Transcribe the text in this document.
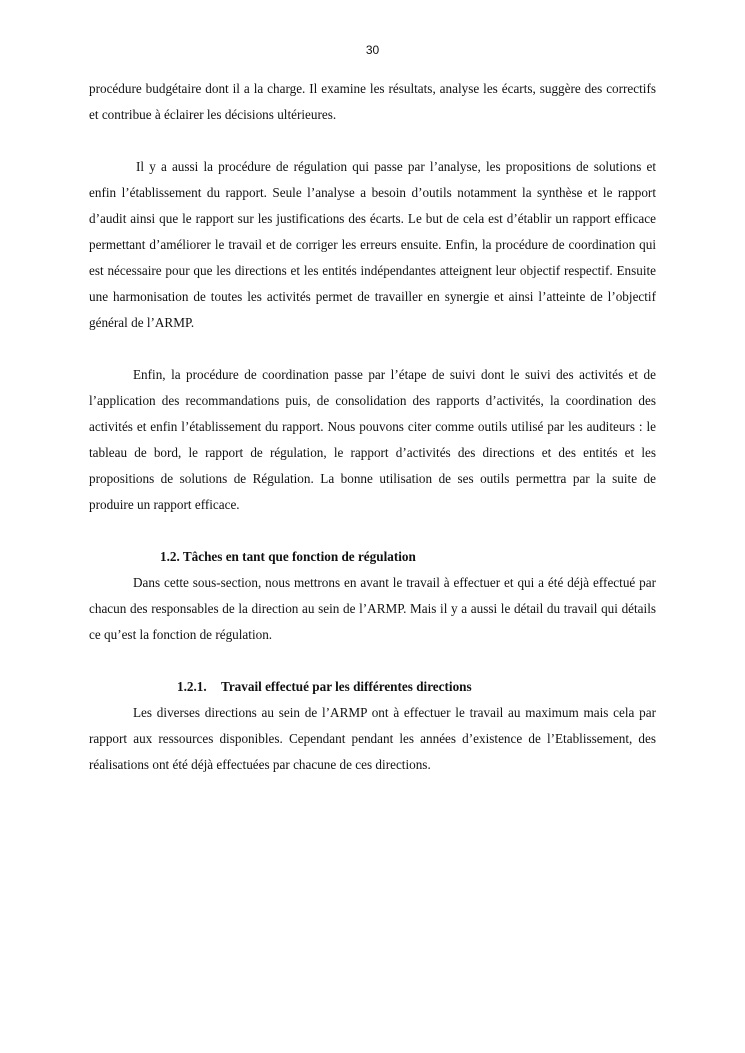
30

procédure budgétaire dont il a la charge. Il examine les résultats, analyse les écarts, suggère des correctifs et contribue à éclairer les décisions ultérieures.

Il y a aussi la procédure de régulation qui passe par l’analyse, les propositions de solutions et enfin l’établissement du rapport. Seule l’analyse a besoin d’outils notamment la synthèse et le rapport d’audit ainsi que le rapport sur les justifications des écarts. Le but de cela est d’établir un rapport efficace permettant d’améliorer le travail et de corriger les erreurs ensuite. Enfin, la procédure de coordination qui est nécessaire pour que les directions et les entités indépendantes atteignent leur objectif respectif. Ensuite une harmonisation de toutes les activités permet de travailler en synergie et ainsi l’atteinte de l’objectif général de l’ARMP.

Enfin, la procédure de coordination passe par l’étape de suivi dont le suivi des activités et de l’application des recommandations puis, de consolidation des rapports d’activités, la coordination des activités et enfin l’établissement du rapport. Nous pouvons citer comme outils utilisé par les auditeurs : le tableau de bord, le rapport de régulation, le rapport d’activités des directions et des entités et les propositions de solutions de Régulation. La bonne utilisation de ses outils permettra par la suite de produire un rapport efficace.

1.2. Tâches en tant que fonction de régulation

Dans cette sous-section, nous mettrons en avant le travail à effectuer et qui a été déjà effectué par chacun des responsables de la direction au sein de l’ARMP. Mais il y a aussi le détail du travail qui détails ce qu’est la fonction de régulation.

1.2.1. Travail effectué par les différentes directions

Les diverses directions au sein de l’ARMP ont à effectuer le travail au maximum mais cela par rapport aux ressources disponibles. Cependant pendant les années d’existence de l’Etablissement, des réalisations ont été déjà effectuées par chacune de ces directions.
